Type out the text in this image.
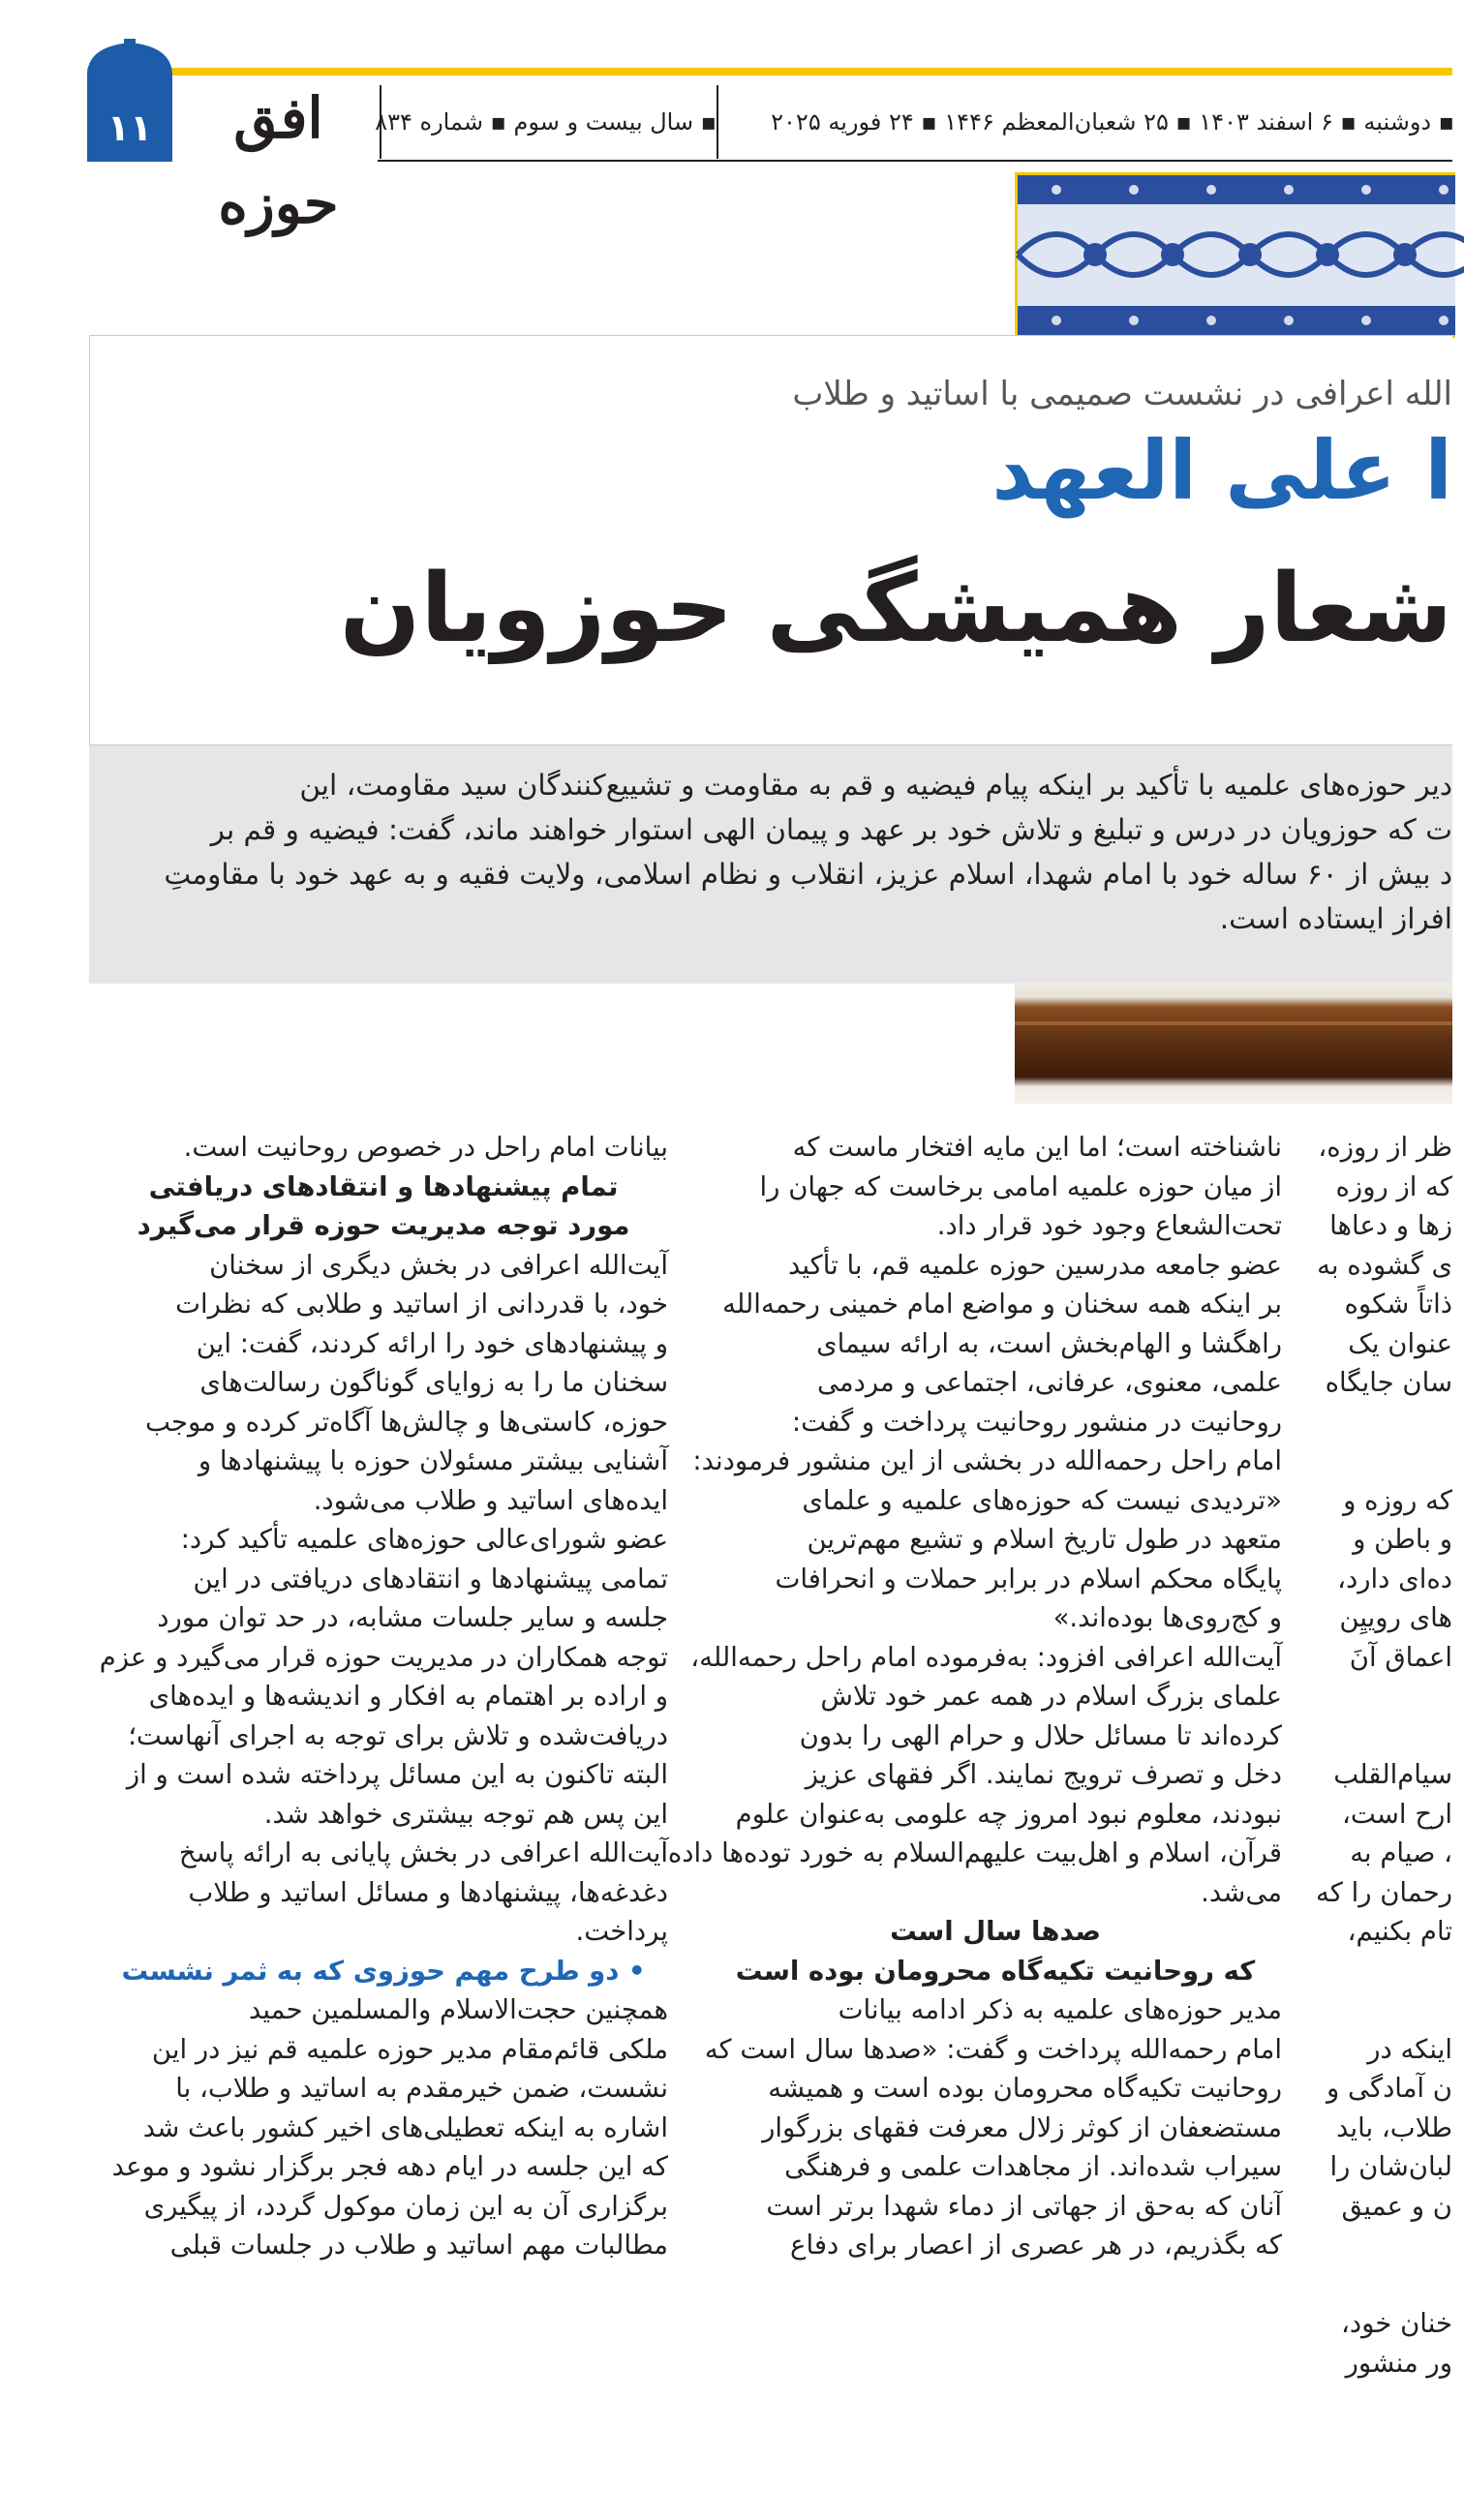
▪ دوشنبه ▪ ۶ اسفند ۱۴۰۳ ▪ ۲۵ شعبان‌المعظم ۱۴۴۶ ▪ ۲۴ فوریه ۲۰۲۵
▪ سال بیست و سوم ▪ شماره ۸۳۴
افق حوزه
۱۱
الله اعرافی در نشست صمیمی با اساتید و طلاب
ا علی العهد
شعار همیشگی حوزویان

دیر حوزه‌های علمیه با تأکید بر اینکه پیام فیضیه و قم به مقاومت و تشییع‌کنندگان سید مقاومت، این

ت که حوزویان در درس و تبلیغ و تلاش خود بر عهد و پیمان الهی استوار خواهند ماند، گفت: فیضیه و قم بر

د بیش از ۶۰ ساله خود با امام شهدا، اسلام عزیز، انقلاب و نظام اسلامی، ولایت فقیه و به عهد خود با مقاومتِ

افراز ایستاده است.

بیانات امام راحل در خصوص روحانیت است.

تمام پیشنهادها و انتقادهای دریافتی

مورد توجه مدیریت حوزه قرار می‌گیرد

آیت‌الله اعرافی در بخش دیگری از سخنان

خود، با قدردانی از اساتید و طلابی که نظرات

و پیشنهادهای خود را ارائه کردند، گفت: این

سخنان ما را به زوایای گوناگون رسالت‌های

حوزه، کاستی‌ها و چالش‌ها آگاه‌تر کرده و موجب

آشنایی بیشتر مسئولان حوزه با پیشنهادها و

ایده‌های اساتید و طلاب می‌شود.

عضو شورای‌عالی حوزه‌های علمیه تأکید کرد:

تمامی پیشنهادها و انتقادهای دریافتی در این

جلسه و سایر جلسات مشابه، در حد توان مورد

توجه همکاران در مدیریت حوزه قرار می‌گیرد و عزم

و اراده بر اهتمام به افکار و اندیشه‌ها و ایده‌های

دریافت‌شده و تلاش برای توجه به اجرای آنهاست؛

البته تاکنون به این مسائل پرداخته شده است و از

این پس هم توجه بیشتری خواهد شد.

آیت‌الله اعرافی در بخش پایانی به ارائه پاسخ

دغدغه‌ها، پیشنهادها و مسائل اساتید و طلاب

پرداخت.

• دو طرح مهم حوزوی که به ثمر نشست

همچنین حجت‌الاسلام والمسلمین حمید

ملکی قائم‌مقام مدیر حوزه علمیه قم نیز در این

نشست، ضمن خیرمقدم به اساتید و طلاب، با

اشاره به اینکه تعطیلی‌های اخیر کشور باعث شد

که این جلسه در ایام دهه فجر برگزار نشود و موعد

برگزاری آن به این زمان موکول گردد، از پیگیری

مطالبات مهم اساتید و طلاب در جلسات قبلی

ناشناخته است؛ اما این مایه افتخار ماست که

از میان حوزه علمیه امامی برخاست که جهان را

تحت‌الشعاع وجود خود قرار داد.

عضو جامعه مدرسین حوزه علمیه قم، با تأکید

بر اینکه همه سخنان و مواضع امام خمینی رحمه‌الله

راهگشا و الهام‌بخش است، به ارائه سیمای

علمی، معنوی، عرفانی، اجتماعی و مردمی

روحانیت در منشور روحانیت پرداخت و گفت:

امام راحل رحمه‌الله در بخشی از این منشور فرمودند:

«تردیدی نیست که حوزه‌های علمیه و علمای

متعهد در طول تاریخ اسلام و تشیع مهم‌ترین

پایگاه محکم اسلام در برابر حملات و انحرافات

و کج‌روی‌ها بوده‌اند.»

آیت‌الله اعرافی افزود: به‌فرموده امام راحل رحمه‌الله،

علمای بزرگ اسلام در همه عمر خود تلاش

کرده‌اند تا مسائل حلال و حرام الهی را بدون

دخل و تصرف ترویج نمایند. اگر فقهای عزیز

نبودند، معلوم نبود امروز چه علومی به‌عنوان علوم

قرآن، اسلام و اهل‌بیت علیهم‌السلام به خورد توده‌ها داده

می‌شد.

صدها سال است

که روحانیت تکیه‌گاه محرومان بوده است

مدیر حوزه‌های علمیه به ذکر ادامه بیانات

امام رحمه‌الله پرداخت و گفت: «صدها سال است که

روحانیت تکیه‌گاه محرومان بوده است و همیشه

مستضعفان از کوثر زلال معرفت فقهای بزرگوار

سیراب شده‌اند. از مجاهدات علمی و فرهنگی

آنان که به‌حق از جهاتی از دماء شهدا برتر است

که بگذریم، در هر عصری از اعصار برای دفاع

ظر از روزه،

که از روزه

زها و دعاها

ی گشوده به

ذاتاً شکوه

عنوان یک

سان جایگاه

که روزه و

و باطن و

ده‌ای دارد،

های روییِن

اعماق آنَ

سیام‌القلب

ارح است،

، صیام به

رحمان را که

تام بکنیم،

اینکه در

ن آمادگی و

طلاب، باید

لبان‌شان را

ن و عمیق

خنان خود،

ور منشور
